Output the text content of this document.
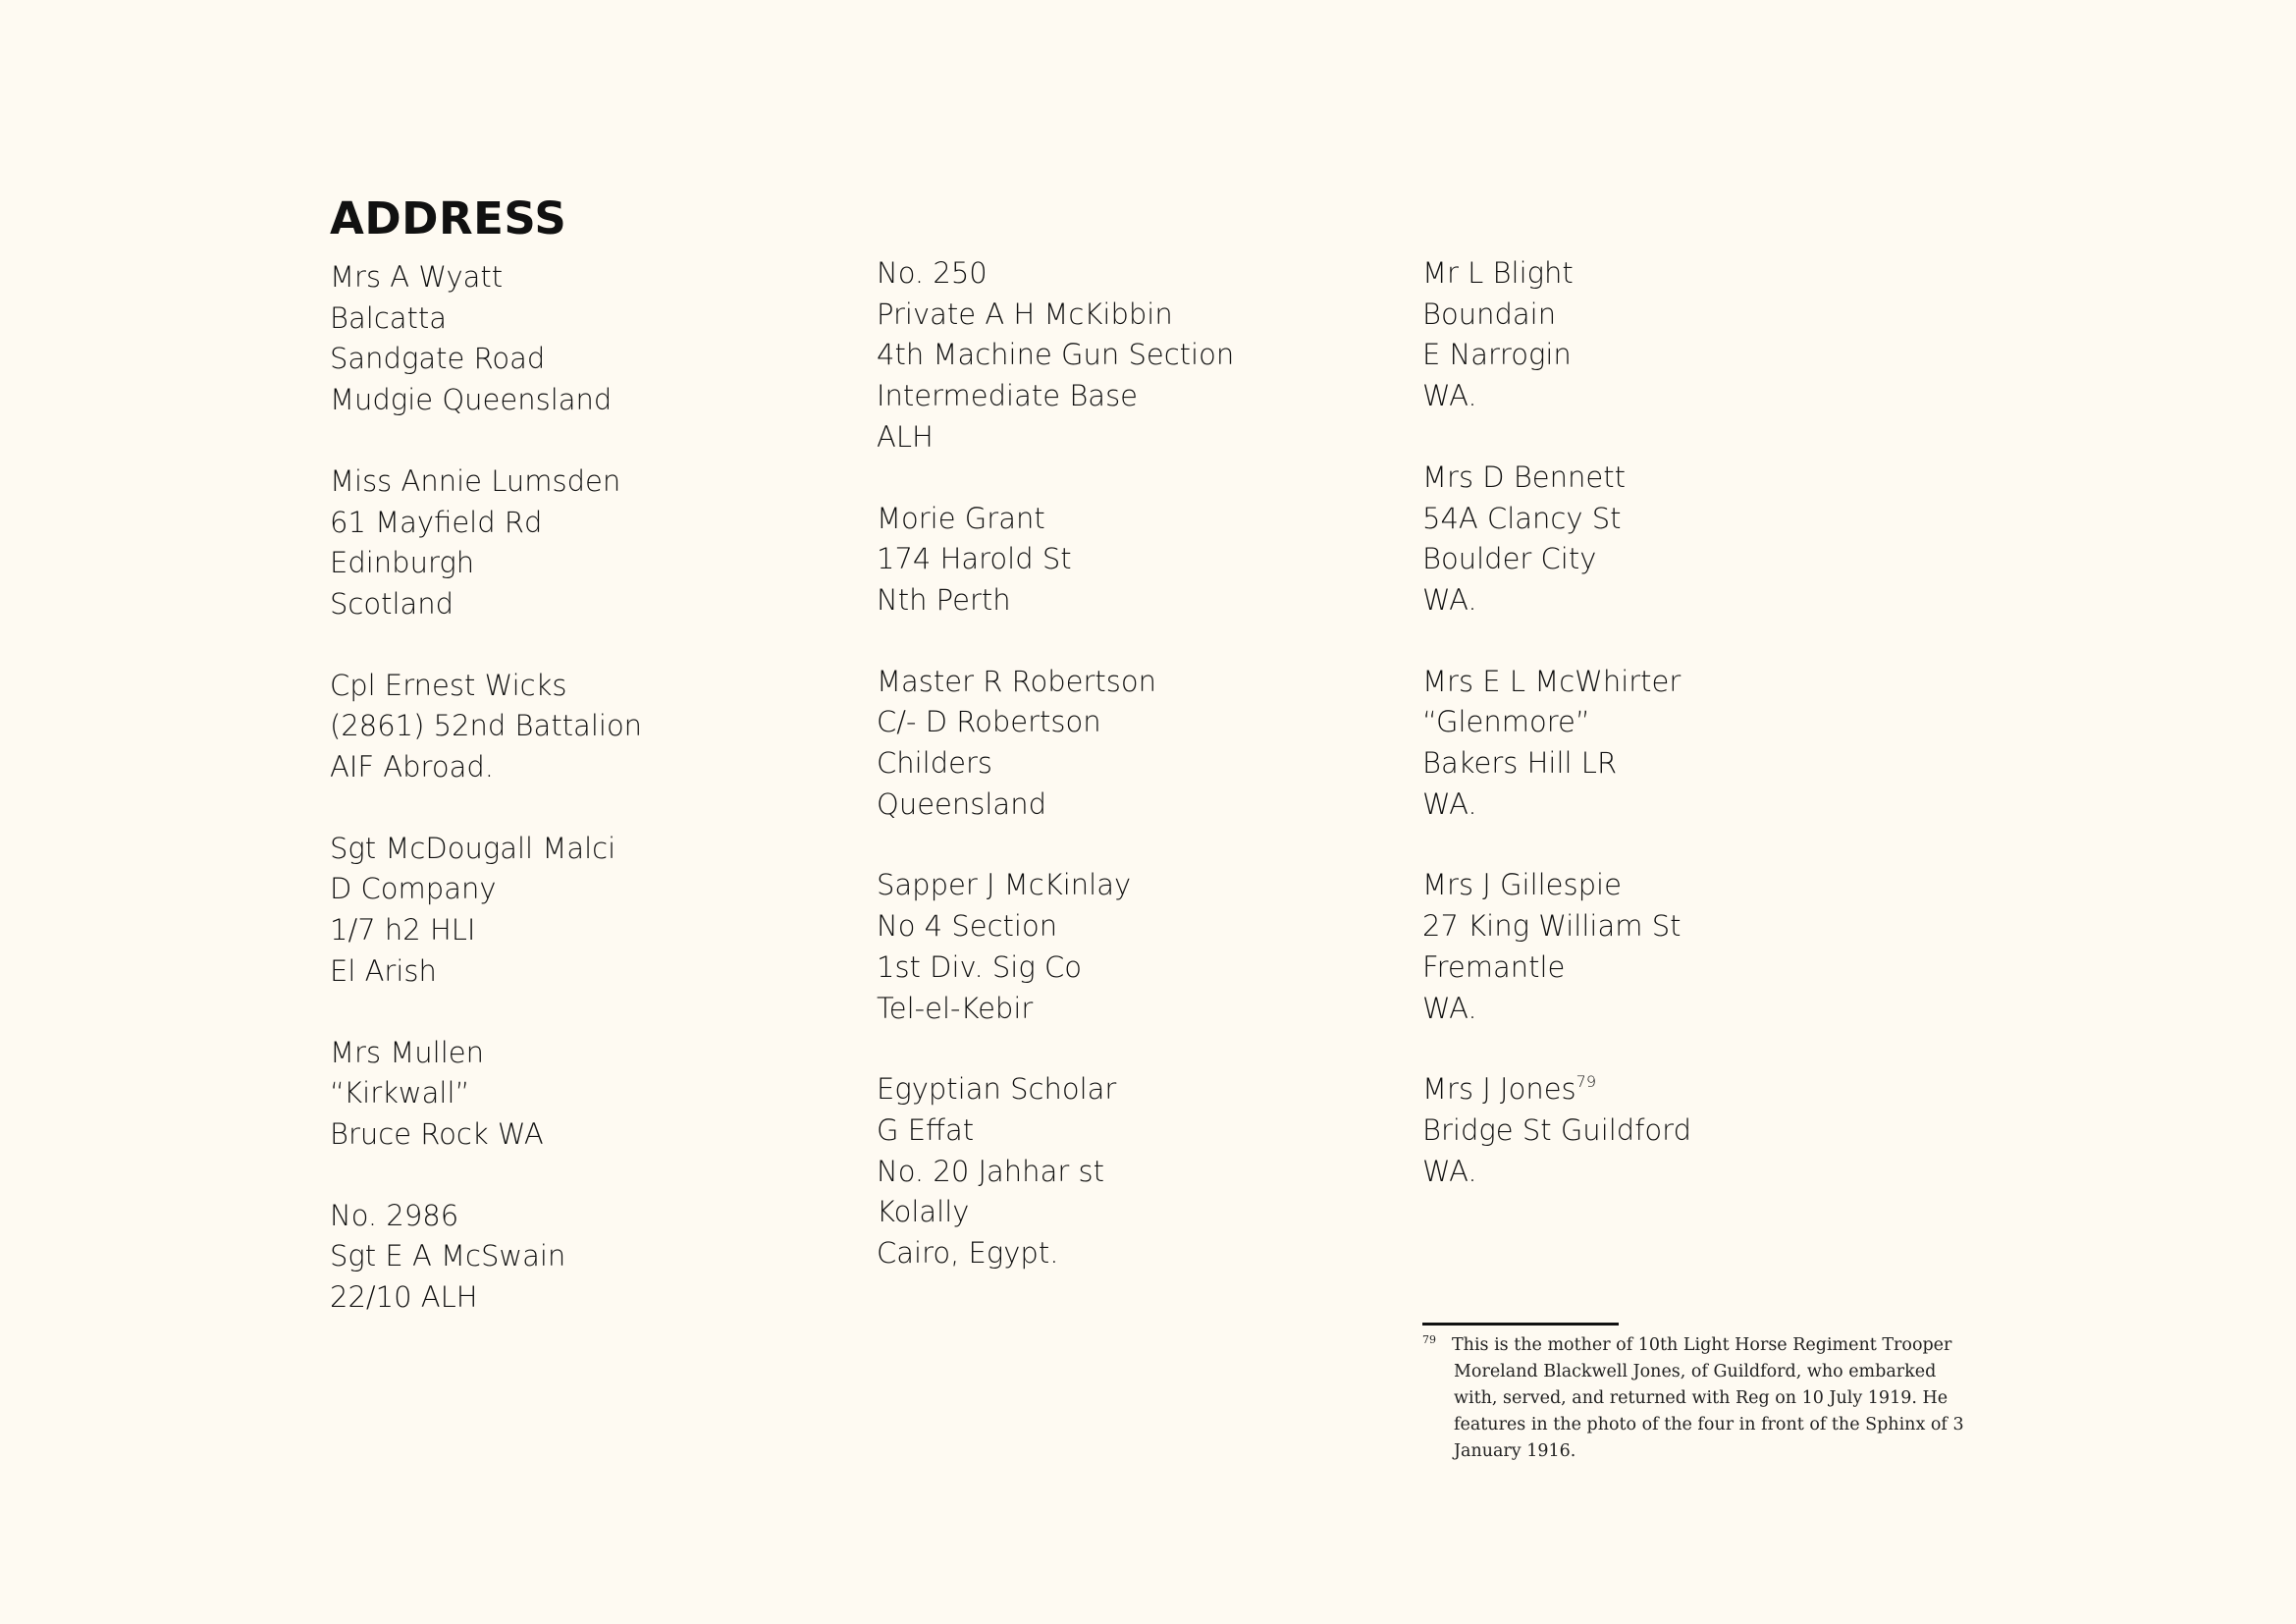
ADDRESS
Mrs A Wyatt
Balcatta
Sandgate Road
Mudgie Queensland
Miss Annie Lumsden
61 Mayfield Rd
Edinburgh
Scotland
Cpl Ernest Wicks
(2861) 52nd Battalion
AIF Abroad.
Sgt McDougall Malci
D Company
1/7 h2 HLI
El Arish
Mrs Mullen
“Kirkwall”
Bruce Rock WA
No. 2986
Sgt E A McSwain
22/10 ALH
No. 250
Private A H McKibbin
4th Machine Gun Section
Intermediate Base
ALH
Morie Grant
174 Harold St
Nth Perth
Master R Robertson
C/- D Robertson
Childers
Queensland
Sapper J McKinlay
No 4 Section
1st Div. Sig Co
Tel-el-Kebir
Egyptian Scholar
G Effat
No. 20 Jahhar st
Kolally
Cairo, Egypt.
Mr L Blight
Boundain
E Narrogin
WA.
Mrs D Bennett
54A Clancy St
Boulder City
WA.
Mrs E L McWhirter
“Glenmore”
Bakers Hill LR
WA.
Mrs J Gillespie
27 King William St
Fremantle
WA.
Mrs J Jones$^{79}$
Bridge St Guildford
WA.
79 This is the mother of 10th Light Horse Regiment Trooper Moreland Blackwell Jones, of Guildford, who embarked with, served, and returned with Reg on 10 July 1919. He features in the photo of the four in front of the Sphinx of 3 January 1916.
